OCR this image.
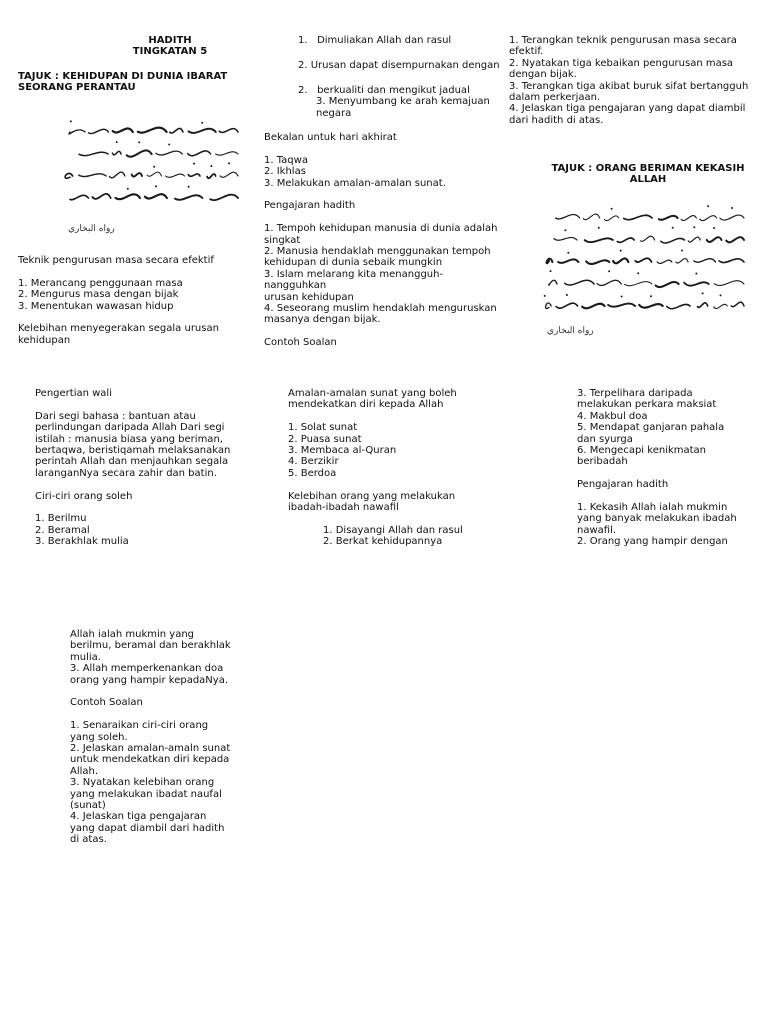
HADITH
TINGKATAN 5
TAJUK : KEHIDUPAN DI DUNIA IBARAT
SEORANG PERANTAU
رواه البخاري
Teknik pengurusan masa secara efektif
1. Merancang penggunaan masa
2. Mengurus masa dengan bijak
3. Menentukan wawasan hidup
Kelebihan menyegerakan segala urusan
kehidupan
1.   Dimuliakan Allah dan rasul
2. Urusan dapat disempurnakan dengan
2.   berkualiti dan mengikut jadual
3. Menyumbang ke arah kemajuan
negara
Bekalan untuk hari akhirat
1. Taqwa
2. Ikhlas
3. Melakukan amalan-amalan sunat.
Pengajaran hadith
1. Tempoh kehidupan manusia di dunia adalah
singkat
2. Manusia hendaklah menggunakan tempoh
kehidupan di dunia sebaik mungkin
3. Islam melarang kita menangguh-nangguhkan
urusan kehidupan
4. Seseorang muslim hendaklah menguruskan
masanya dengan bijak.
Contoh Soalan
1. Terangkan teknik pengurusan masa secara
efektif.
2. Nyatakan tiga kebaikan pengurusan masa
dengan bijak.
3. Terangkan tiga akibat buruk sifat bertangguh
dalam perkerjaan.
4. Jelaskan tiga pengajaran yang dapat diambil
dari hadith di atas.
TAJUK : ORANG BERIMAN KEKASIH
ALLAH
رواه البخاري
Pengertian wali
Dari segi bahasa : bantuan atau
perlindungan daripada Allah Dari segi
istilah : manusia biasa yang beriman,
bertaqwa, beristiqamah melaksanakan
perintah Allah dan menjauhkan segala
laranganNya secara zahir dan batin.
Ciri-ciri orang soleh
1. Berilmu
2. Beramal
3. Berakhlak mulia
Amalan-amalan sunat yang boleh
mendekatkan diri kepada Allah
1. Solat sunat
2. Puasa sunat
3. Membaca al-Quran
4. Berzikir
5. Berdoa
Kelebihan orang yang melakukan
ibadah-ibadah nawafil
1. Disayangi Allah dan rasul
2. Berkat kehidupannya
3. Terpelihara daripada
melakukan perkara maksiat
4. Makbul doa
5. Mendapat ganjaran pahala
dan syurga
6. Mengecapi kenikmatan
beribadah
Pengajaran hadith
1. Kekasih Allah ialah mukmin
yang banyak melakukan ibadah
nawafil.
2. Orang yang hampir dengan
Allah ialah mukmin yang
berilmu, beramal dan berakhlak
mulia.
3. Allah memperkenankan doa
orang yang hampir kepadaNya.
Contoh Soalan
1. Senaraikan ciri-ciri orang
yang soleh.
2. Jelaskan amalan-amaln sunat
untuk mendekatkan diri kepada
Allah.
3. Nyatakan kelebihan orang
yang melakukan ibadat naufal
(sunat)
4. Jelaskan tiga pengajaran
yang dapat diambil dari hadith
di atas.
